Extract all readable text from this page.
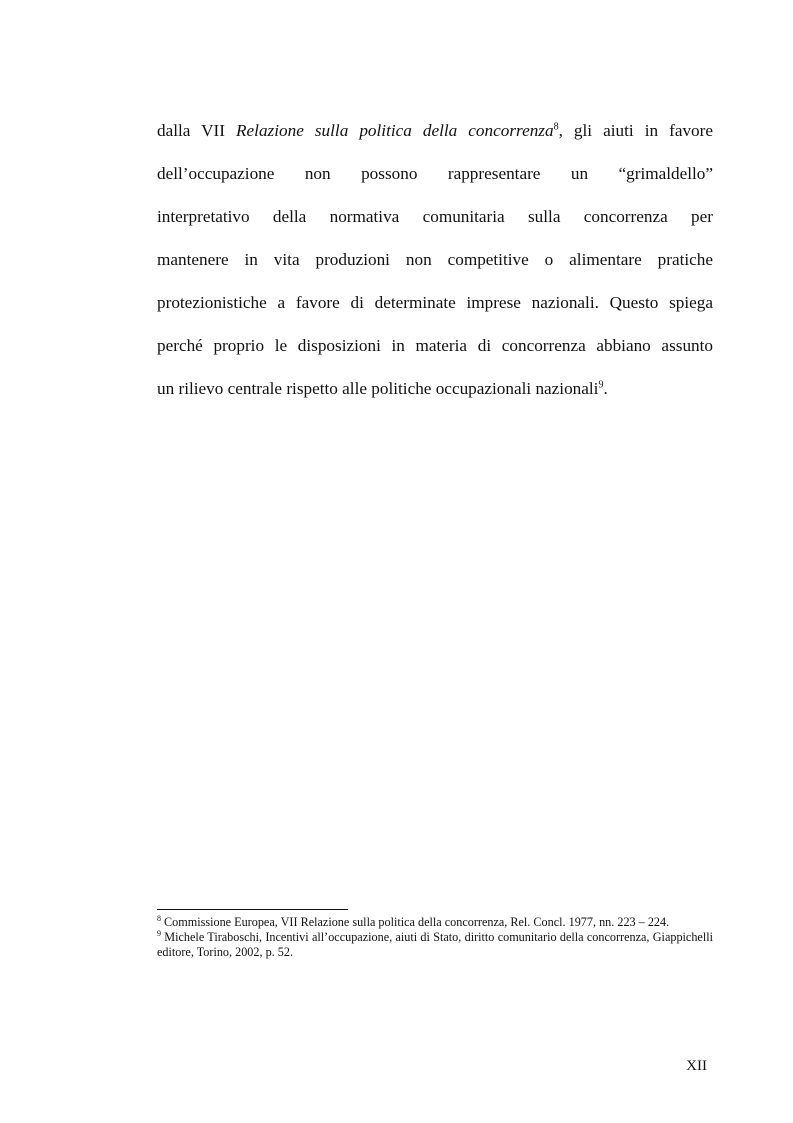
dalla VII Relazione sulla politica della concorrenza$^8$, gli aiuti in favore
dell’occupazione non possono rappresentare un “grimaldello”
interpretativo della normativa comunitaria sulla concorrenza per
mantenere in vita produzioni non competitive o alimentare pratiche
protezionistiche a favore di determinate imprese nazionali. Questo spiega
perché proprio le disposizioni in materia di concorrenza abbiano assunto
un rilievo centrale rispetto alle politiche occupazionali nazionali$^9$.

$^8$ Commissione Europea, VII Relazione sulla politica della concorrenza, Rel. Concl. 1977, nn. 223 – 224.

$^9$ Michele Tiraboschi, Incentivi all’occupazione, aiuti di Stato, diritto comunitario della concorrenza, Giappichelli editore, Torino, 2002, p. 52.

XII
